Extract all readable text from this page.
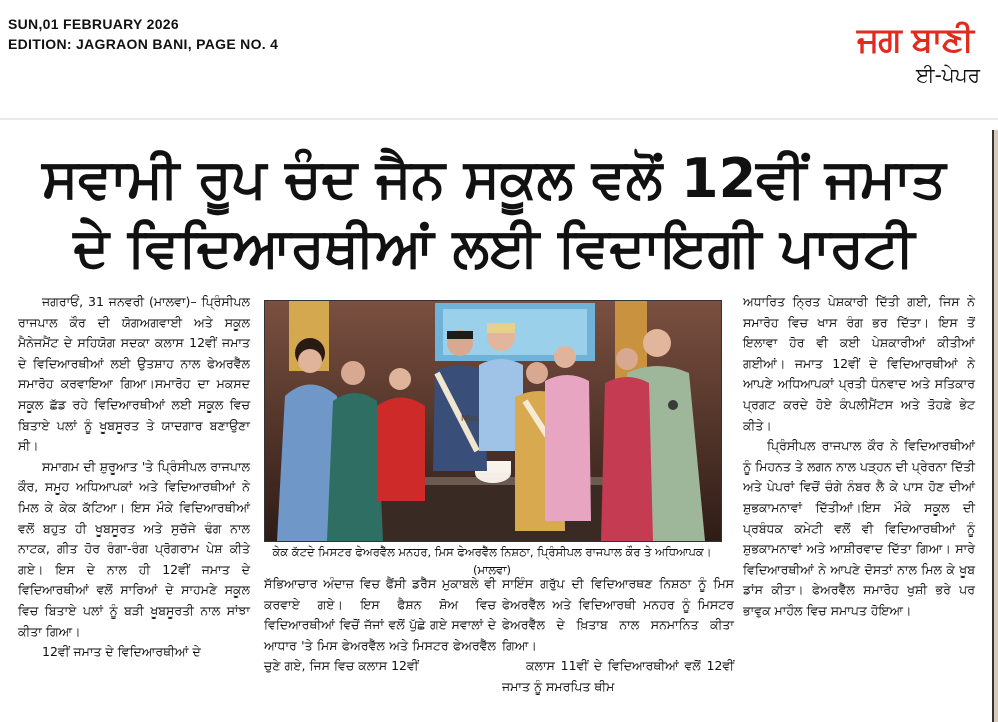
SUN,01 FEBRUARY 2026
EDITION: JAGRAON BANI, PAGE NO. 4	ਜਗ ਬਾਣੀ
ਈ-ਪੇਪਰ
ਸਵਾਮੀ ਰੂਪ ਚੰਦ ਜੈਨ ਸਕੂਲ ਵਲੋਂ 12ਵੀਂ ਜਮਾਤ
ਦੇ ਵਿਦਿਆਰਥੀਆਂ ਲਈ ਵਿਦਾਇਗੀ ਪਾਰਟੀ

ਜਗਰਾਓਂ, 31 ਜਨਵਰੀ (ਮਾਲਵਾ)– ਪ੍ਰਿੰਸੀਪਲ ਰਾਜਪਾਲ ਕੌਰ ਦੀ ਯੋਗਅਗਵਾਈ ਅਤੇ ਸਕੂਲ ਮੈਨੇਜਮੈਂਟ ਦੇ ਸਹਿਯੋਗ ਸਦਕਾ ਕਲਾਸ 12ਵੀਂ ਜਮਾਤ ਦੇ ਵਿਦਿਆਰਥੀਆਂ ਲਈ ਉਤਸ਼ਾਹ ਨਾਲ ਫੇਅਰਵੈੱਲ ਸਮਾਰੋਹ ਕਰਵਾਇਆ ਗਿਆ।ਸਮਾਰੋਹ ਦਾ ਮਕਸਦ ਸਕੂਲ ਛੱਡ ਰਹੇ ਵਿਦਿਆਰਥੀਆਂ ਲਈ ਸਕੂਲ ਵਿਚ ਬਿਤਾਏ ਪਲਾਂ ਨੂੰ ਖੂਬਸੂਰਤ ਤੇ ਯਾਦਗਾਰ ਬਣਾਉਣਾ ਸੀ।

ਸਮਾਗਮ ਦੀ ਸ਼ੁਰੂਆਤ 'ਤੇ ਪ੍ਰਿੰਸੀਪਲ ਰਾਜਪਾਲ ਕੌਰ, ਸਮੂਹ ਅਧਿਆਪਕਾਂ ਅਤੇ ਵਿਦਿਆਰਥੀਆਂ ਨੇ ਮਿਲ ਕੇ ਕੇਕ ਕੱਟਿਆ। ਇਸ ਮੌਕੇ ਵਿਦਿਆਰਥੀਆਂ ਵਲੋਂ ਬਹੁਤ ਹੀ ਖੂਬਸੂਰਤ ਅਤੇ ਸੁਚੱਜੇ ਢੰਗ ਨਾਲ ਨਾਟਕ, ਗੀਤ ਹੋਰ ਰੰਗਾ-ਰੰਗ ਪ੍ਰੋਗਰਾਮ ਪੇਸ਼ ਕੀਤੇ ਗਏ। ਇਸ ਦੇ ਨਾਲ ਹੀ 12ਵੀਂ ਜਮਾਤ ਦੇ ਵਿਦਿਆਰਥੀਆਂ ਵਲੋਂ ਸਾਰਿਆਂ ਦੇ ਸਾਹਮਣੇ ਸਕੂਲ ਵਿਚ ਬਿਤਾਏ ਪਲਾਂ ਨੂੰ ਬੜੀ ਖੂਬਸੂਰਤੀ ਨਾਲ ਸਾਂਝਾ ਕੀਤਾ ਗਿਆ।

12ਵੀਂ ਜਮਾਤ ਦੇ ਵਿਦਿਆਰਥੀਆਂ ਦੇ

Miss
ਕੇਕ ਕੱਟਦੇ ਮਿਸਟਰ ਫੇਅਰਵੈੱਲ ਮਨਹਰ, ਮਿਸ ਫੇਅਰਵੈੱਲ ਨਿਸ਼ਠਾ, ਪ੍ਰਿੰਸੀਪਲ ਰਾਜਪਾਲ ਕੌਰ ਤੇ ਅਧਿਆਪਕ। (ਮਾਲਵਾ)

ਸੱਭਿਆਚਾਰ ਅੰਦਾਜ਼ ਵਿਚ ਫੈਂਸੀ ਡਰੈੱਸ ਮੁਕਾਬਲੇ ਵੀ ਕਰਵਾਏ ਗਏ। ਇਸ ਫੈਸ਼ਨ ਸ਼ੋਅ ਵਿਚ ਵਿਦਿਆਰਥੀਆਂ ਵਿਚੋਂ ਜੱਜਾਂ ਵਲੋਂ ਪੁੱਛੇ ਗਏ ਸਵਾਲਾਂ ਦੇ ਆਧਾਰ 'ਤੇ ਮਿਸ ਫੇਅਰਵੈੱਲ ਅਤੇ ਮਿਸਟਰ ਫੇਅਰਵੈੱਲ ਚੁਣੇ ਗਏ, ਜਿਸ ਵਿਚ ਕਲਾਸ 12ਵੀਂ

ਸਾਇੰਸ ਗਰੁੱਪ ਦੀ ਵਿਦਿਆਰਥਣ ਨਿਸ਼ਠਾ ਨੂੰ ਮਿਸ ਫੇਅਰਵੈੱਲ ਅਤੇ ਵਿਦਿਆਰਥੀ ਮਨਹਰ ਨੂੰ ਮਿਸਟਰ ਫੇਅਰਵੈੱਲ ਦੇ ਖ਼ਿਤਾਬ ਨਾਲ ਸਨਮਾਨਿਤ ਕੀਤਾ ਗਿਆ।

ਕਲਾਸ 11ਵੀਂ ਦੇ ਵਿਦਿਆਰਥੀਆਂ ਵਲੋਂ 12ਵੀਂ ਜਮਾਤ ਨੂੰ ਸਮਰਪਿਤ ਥੀਮ

ਅਧਾਰਿਤ ਨ੍ਰਿਤ ਪੇਸ਼ਕਾਰੀ ਦਿੱਤੀ ਗਈ, ਜਿਸ ਨੇ ਸਮਾਰੋਹ ਵਿਚ ਖਾਸ ਰੰਗ ਭਰ ਦਿੱਤਾ। ਇਸ ਤੋਂ ਇਲਾਵਾ ਹੋਰ ਵੀ ਕਈ ਪੇਸ਼ਕਾਰੀਆਂ ਕੀਤੀਆਂ ਗਈਆਂ। ਜਮਾਤ 12ਵੀਂ ਦੇ ਵਿਦਿਆਰਥੀਆਂ ਨੇ ਆਪਣੇ ਅਧਿਆਪਕਾਂ ਪ੍ਰਤੀ ਧੰਨਵਾਦ ਅਤੇ ਸਤਿਕਾਰ ਪ੍ਰਗਟ ਕਰਦੇ ਹੋਏ ਕੰਪਲੀਮੈਂਟਸ ਅਤੇ ਤੋਹਫ਼ੇ ਭੇਟ ਕੀਤੇ।

ਪ੍ਰਿੰਸੀਪਲ ਰਾਜਪਾਲ ਕੌਰ ਨੇ ਵਿਦਿਆਰਥੀਆਂ ਨੂੰ ਮਿਹਨਤ ਤੇ ਲਗਨ ਨਾਲ ਪੜ੍ਹਨ ਦੀ ਪ੍ਰੇਰਨਾ ਦਿੱਤੀ ਅਤੇ ਪੇਪਰਾਂ ਵਿਚੋਂ ਚੰਗੇ ਨੰਬਰ ਲੈ ਕੇ ਪਾਸ ਹੋਣ ਦੀਆਂ ਸ਼ੁਭਕਾਮਨਾਵਾਂ ਦਿੱਤੀਆਂ।ਇਸ ਮੌਕੇ ਸਕੂਲ ਦੀ ਪ੍ਰਬੰਧਕ ਕਮੇਟੀ ਵਲੋਂ ਵੀ ਵਿਦਿਆਰਥੀਆਂ ਨੂੰ ਸ਼ੁਭਕਾਮਨਾਵਾਂ ਅਤੇ ਆਸ਼ੀਰਵਾਦ ਦਿੱਤਾ ਗਿਆ। ਸਾਰੇ ਵਿਦਿਆਰਥੀਆਂ ਨੇ ਆਪਣੇ ਦੋਸਤਾਂ ਨਾਲ ਮਿਲ ਕੇ ਖੂਬ ਡਾਂਸ ਕੀਤਾ। ਫੇਅਰਵੈੱਲ ਸਮਾਰੋਹ ਖੁਸ਼ੀ ਭਰੇ ਪਰ ਭਾਵੁਕ ਮਾਹੌਲ ਵਿਚ ਸਮਾਪਤ ਹੋਇਆ।
